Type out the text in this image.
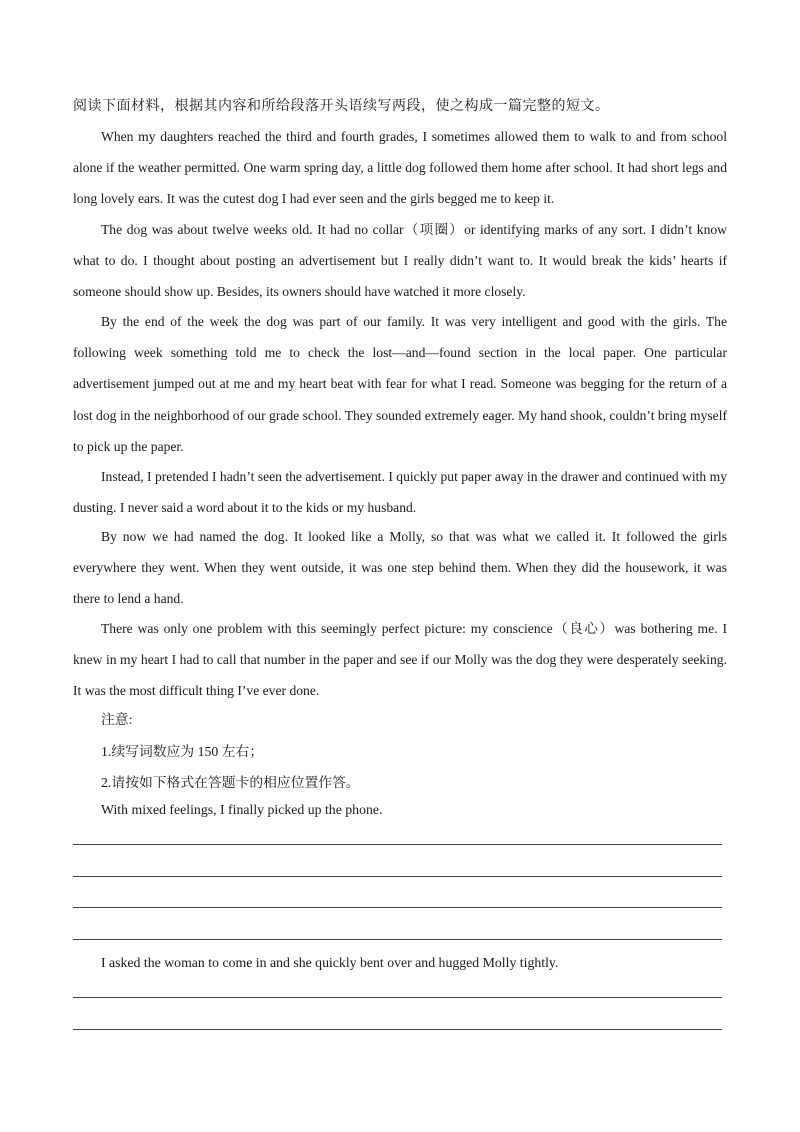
阅读下面材料，根据其内容和所给段落开头语续写两段，使之构成一篇完整的短文。

When my daughters reached the third and fourth grades, I sometimes allowed them to walk to and from school alone if the weather permitted. One warm spring day, a little dog followed them home after school. It had short legs and long lovely ears. It was the cutest dog I had ever seen and the girls begged me to keep it.

The dog was about twelve weeks old. It had no collar（项圈）or identifying marks of any sort. I didn’t know what to do. I thought about posting an advertisement but I really didn’t want to. It would break the kids’ hearts if someone should show up. Besides, its owners should have watched it more closely.

By the end of the week the dog was part of our family. It was very intelligent and good with the girls. The following week something told me to check the lost—and—found section in the local paper. One particular advertisement jumped out at me and my heart beat with fear for what I read. Someone was begging for the return of a lost dog in the neighborhood of our grade school. They sounded extremely eager. My hand shook, couldn’t bring myself to pick up the paper.

Instead, I pretended I hadn’t seen the advertisement. I quickly put paper away in the drawer and continued with my dusting. I never said a word about it to the kids or my husband.

By now we had named the dog. It looked like a Molly, so that was what we called it. It followed the girls everywhere they went. When they went outside, it was one step behind them. When they did the housework, it was there to lend a hand.

There was only one problem with this seemingly perfect picture: my conscience（良心）was bothering me. I knew in my heart I had to call that number in the paper and see if our Molly was the dog they were desperately seeking. It was the most difficult thing I’ve ever done.

注意:
1.续写词数应为 150 左右；
2.请按如下格式在答题卡的相应位置作答。
With mixed feelings, I finally picked up the phone.
I asked the woman to come in and she quickly bent over and hugged Molly tightly.
